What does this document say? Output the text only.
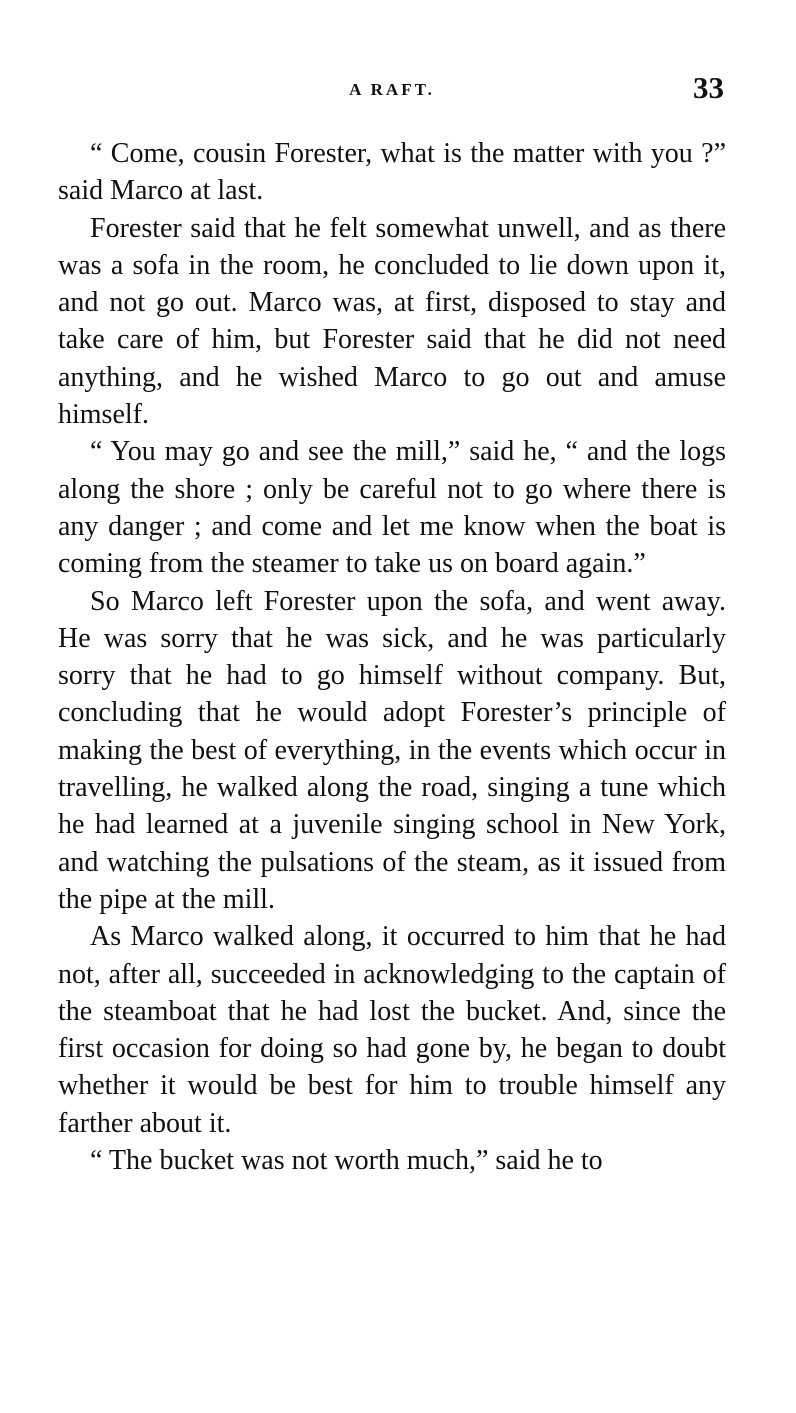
A RAFT.	33

“ Come, cousin Forester, what is the matter with you ?” said Marco at last.

Forester said that he felt somewhat unwell, and as there was a sofa in the room, he concluded to lie down upon it, and not go out. Marco was, at first, disposed to stay and take care of him, but Forester said that he did not need anything, and he wished Marco to go out and amuse himself.

“ You may go and see the mill,” said he, “ and the logs along the shore ; only be careful not to go where there is any danger ; and come and let me know when the boat is coming from the steamer to take us on board again.”

So Marco left Forester upon the sofa, and went away. He was sorry that he was sick, and he was particularly sorry that he had to go himself without company. But, concluding that he would adopt Forester’s principle of making the best of everything, in the events which occur in travelling, he walked along the road, singing a tune which he had learned at a juvenile singing school in New York, and watching the pulsations of the steam, as it issued from the pipe at the mill.

As Marco walked along, it occurred to him that he had not, after all, succeeded in acknowledging to the captain of the steamboat that he had lost the bucket. And, since the first occasion for doing so had gone by, he began to doubt whether it would be best for him to trouble himself any farther about it.

“ The bucket was not worth much,” said he to
